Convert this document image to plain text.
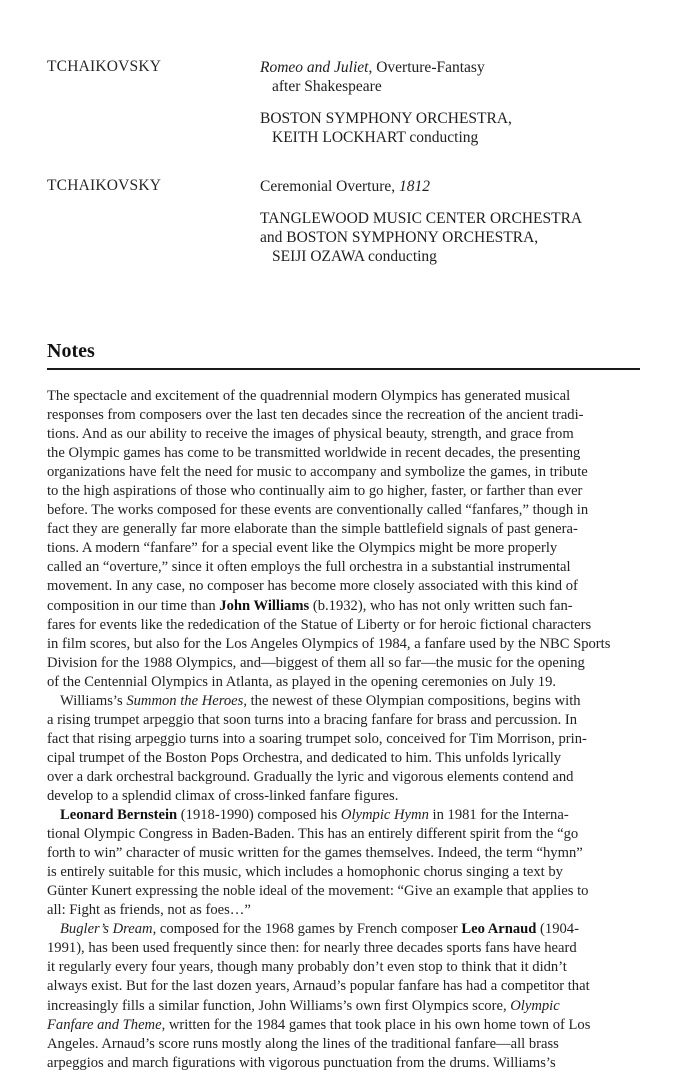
TCHAIKOVSKY	Romeo and Juliet, Overture-Fantasy
after Shakespeare
BOSTON SYMPHONY ORCHESTRA,
KEITH LOCKHART conducting
TCHAIKOVSKY	Ceremonial Overture, 1812
TANGLEWOOD MUSIC CENTER ORCHESTRA
and BOSTON SYMPHONY ORCHESTRA,
SEIJI OZAWA conducting
Notes
The spectacle and excitement of the quadrennial modern Olympics has generated musical
responses from composers over the last ten decades since the recreation of the ancient tradi-
tions. And as our ability to receive the images of physical beauty, strength, and grace from
the Olympic games has come to be transmitted worldwide in recent decades, the presenting
organizations have felt the need for music to accompany and symbolize the games, in tribute
to the high aspirations of those who continually aim to go higher, faster, or farther than ever
before. The works composed for these events are conventionally called “fanfares,” though in
fact they are generally far more elaborate than the simple battlefield signals of past genera-
tions. A modern “fanfare” for a special event like the Olympics might be more properly
called an “overture,” since it often employs the full orchestra in a substantial instrumental
movement. In any case, no composer has become more closely associated with this kind of
composition in our time than John Williams (b.1932), who has not only written such fan-
fares for events like the rededication of the Statue of Liberty or for heroic fictional characters
in film scores, but also for the Los Angeles Olympics of 1984, a fanfare used by the NBC Sports
Division for the 1988 Olympics, and—biggest of them all so far—the music for the opening
of the Centennial Olympics in Atlanta, as played in the opening ceremonies on July 19.
Williams’s Summon the Heroes, the newest of these Olympian compositions, begins with
a rising trumpet arpeggio that soon turns into a bracing fanfare for brass and percussion. In
fact that rising arpeggio turns into a soaring trumpet solo, conceived for Tim Morrison, prin-
cipal trumpet of the Boston Pops Orchestra, and dedicated to him. This unfolds lyrically
over a dark orchestral background. Gradually the lyric and vigorous elements contend and
develop to a splendid climax of cross-linked fanfare figures.
Leonard Bernstein (1918-1990) composed his Olympic Hymn in 1981 for the Interna-
tional Olympic Congress in Baden-Baden. This has an entirely different spirit from the “go
forth to win” character of music written for the games themselves. Indeed, the term “hymn”
is entirely suitable for this music, which includes a homophonic chorus singing a text by
Günter Kunert expressing the noble ideal of the movement: “Give an example that applies to
all: Fight as friends, not as foes…”
Bugler’s Dream, composed for the 1968 games by French composer Leo Arnaud (1904-
1991), has been used frequently since then: for nearly three decades sports fans have heard
it regularly every four years, though many probably don’t even stop to think that it didn’t
always exist. But for the last dozen years, Arnaud’s popular fanfare has had a competitor that
increasingly fills a similar function, John Williams’s own first Olympics score, Olympic
Fanfare and Theme, written for the 1984 games that took place in his own home town of Los
Angeles. Arnaud’s score runs mostly along the lines of the traditional fanfare—all brass
arpeggios and march figurations with vigorous punctuation from the drums. Williams’s
